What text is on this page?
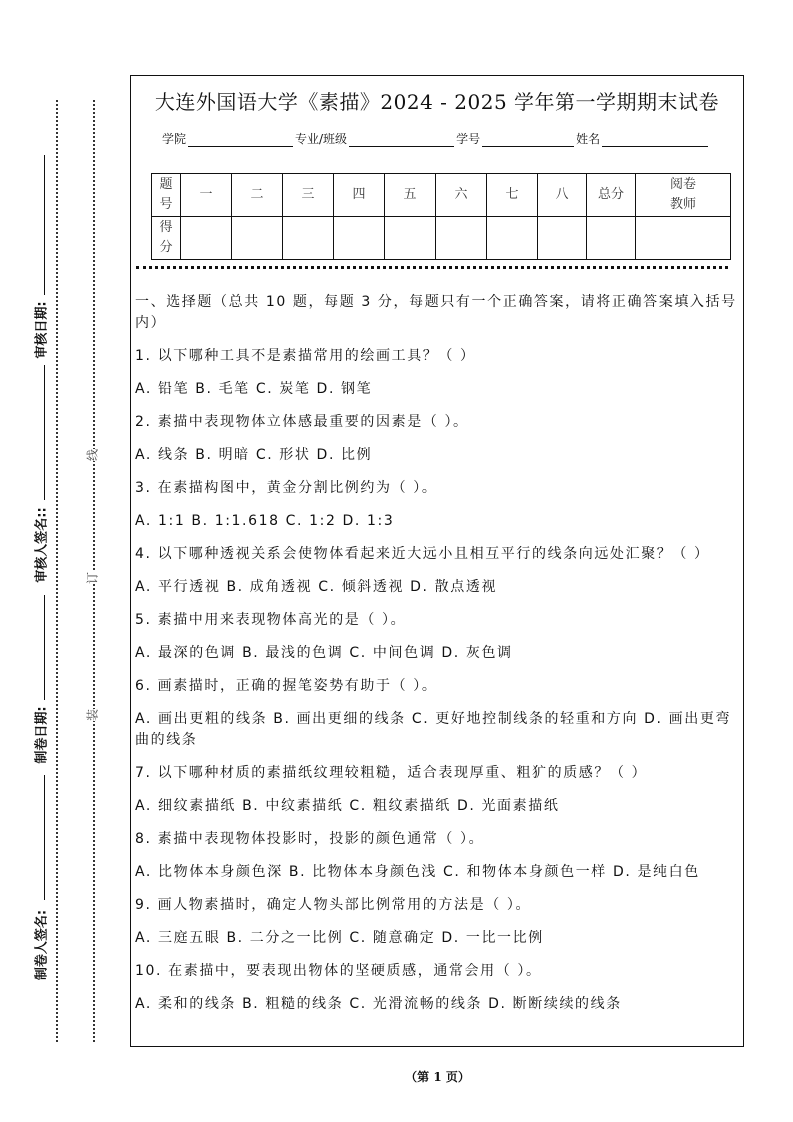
审核日期:
审核人签名::
制卷日期:
制卷人签名:
线
订
装
大连外国语大学《素描》2024 - 2025 学年第一学期期末试卷
学院	专业/班级	学号	姓名
题号	一	二	三	四	五	六	七	八	总分	阅卷教师
得分										

一、选择题（总共 10 题，每题 3 分，每题只有一个正确答案，请将正确答案填入括号内）

1. 以下哪种工具不是素描常用的绘画工具？（ ）

A. 铅笔 B. 毛笔 C. 炭笔 D. 钢笔

2. 素描中表现物体立体感最重要的因素是（ ）。

A. 线条 B. 明暗 C. 形状 D. 比例

3. 在素描构图中，黄金分割比例约为（ ）。

A. 1:1 B. 1:1.618 C. 1:2 D. 1:3

4. 以下哪种透视关系会使物体看起来近大远小且相互平行的线条向远处汇聚？（ ）

A. 平行透视 B. 成角透视 C. 倾斜透视 D. 散点透视

5. 素描中用来表现物体高光的是（ ）。

A. 最深的色调 B. 最浅的色调 C. 中间色调 D. 灰色调

6. 画素描时，正确的握笔姿势有助于（ ）。

A. 画出更粗的线条 B. 画出更细的线条 C. 更好地控制线条的轻重和方向 D. 画出更弯曲的线条

7. 以下哪种材质的素描纸纹理较粗糙，适合表现厚重、粗犷的质感？（ ）

A. 细纹素描纸 B. 中纹素描纸 C. 粗纹素描纸 D. 光面素描纸

8. 素描中表现物体投影时，投影的颜色通常（ ）。

A. 比物体本身颜色深 B. 比物体本身颜色浅 C. 和物体本身颜色一样 D. 是纯白色

9. 画人物素描时，确定人物头部比例常用的方法是（ ）。

A. 三庭五眼 B. 二分之一比例 C. 随意确定 D. 一比一比例

10. 在素描中，要表现出物体的坚硬质感，通常会用（ ）。

A. 柔和的线条 B. 粗糙的线条 C. 光滑流畅的线条 D. 断断续续的线条

（第 1 页）
